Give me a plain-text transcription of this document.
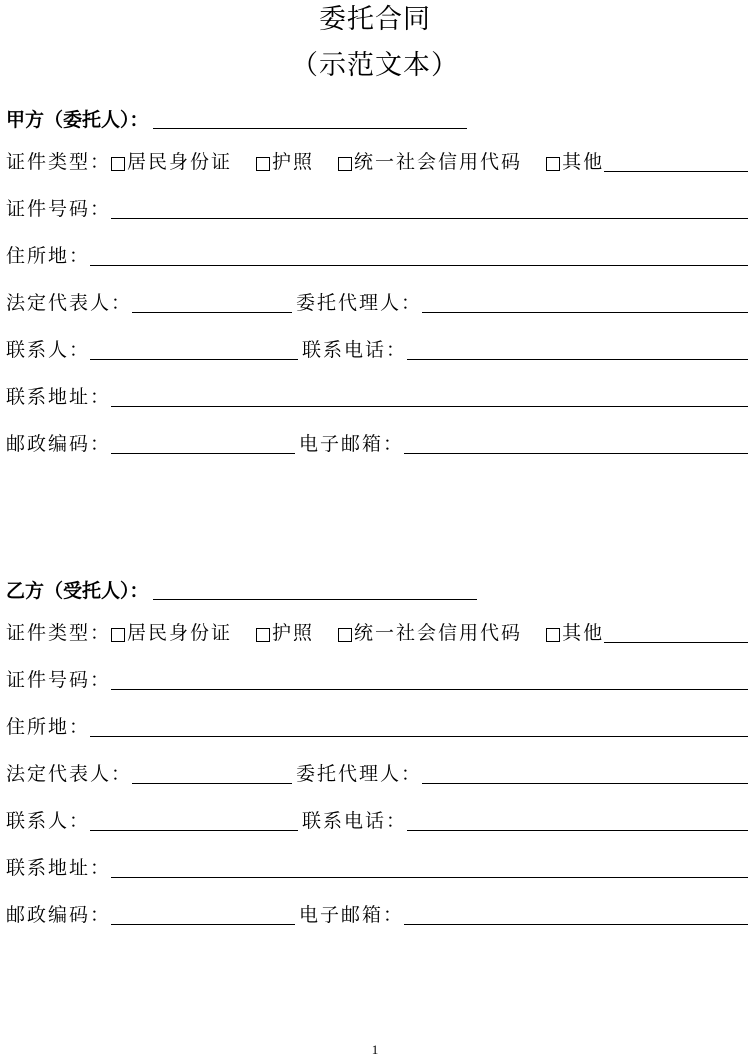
委托合同
（示范文本）
甲方（委托人）：
证件类型： 居民身份证 护照 统一社会信用代码 其他
证件号码：
住所地：
法定代表人：	委托代理人：
联系人：	联系电话：
联系地址：
邮政编码：	电子邮箱：
乙方（受托人）：
证件类型： 居民身份证 护照 统一社会信用代码 其他
证件号码：
住所地：
法定代表人：	委托代理人：
联系人：	联系电话：
联系地址：
邮政编码：	电子邮箱：
1
